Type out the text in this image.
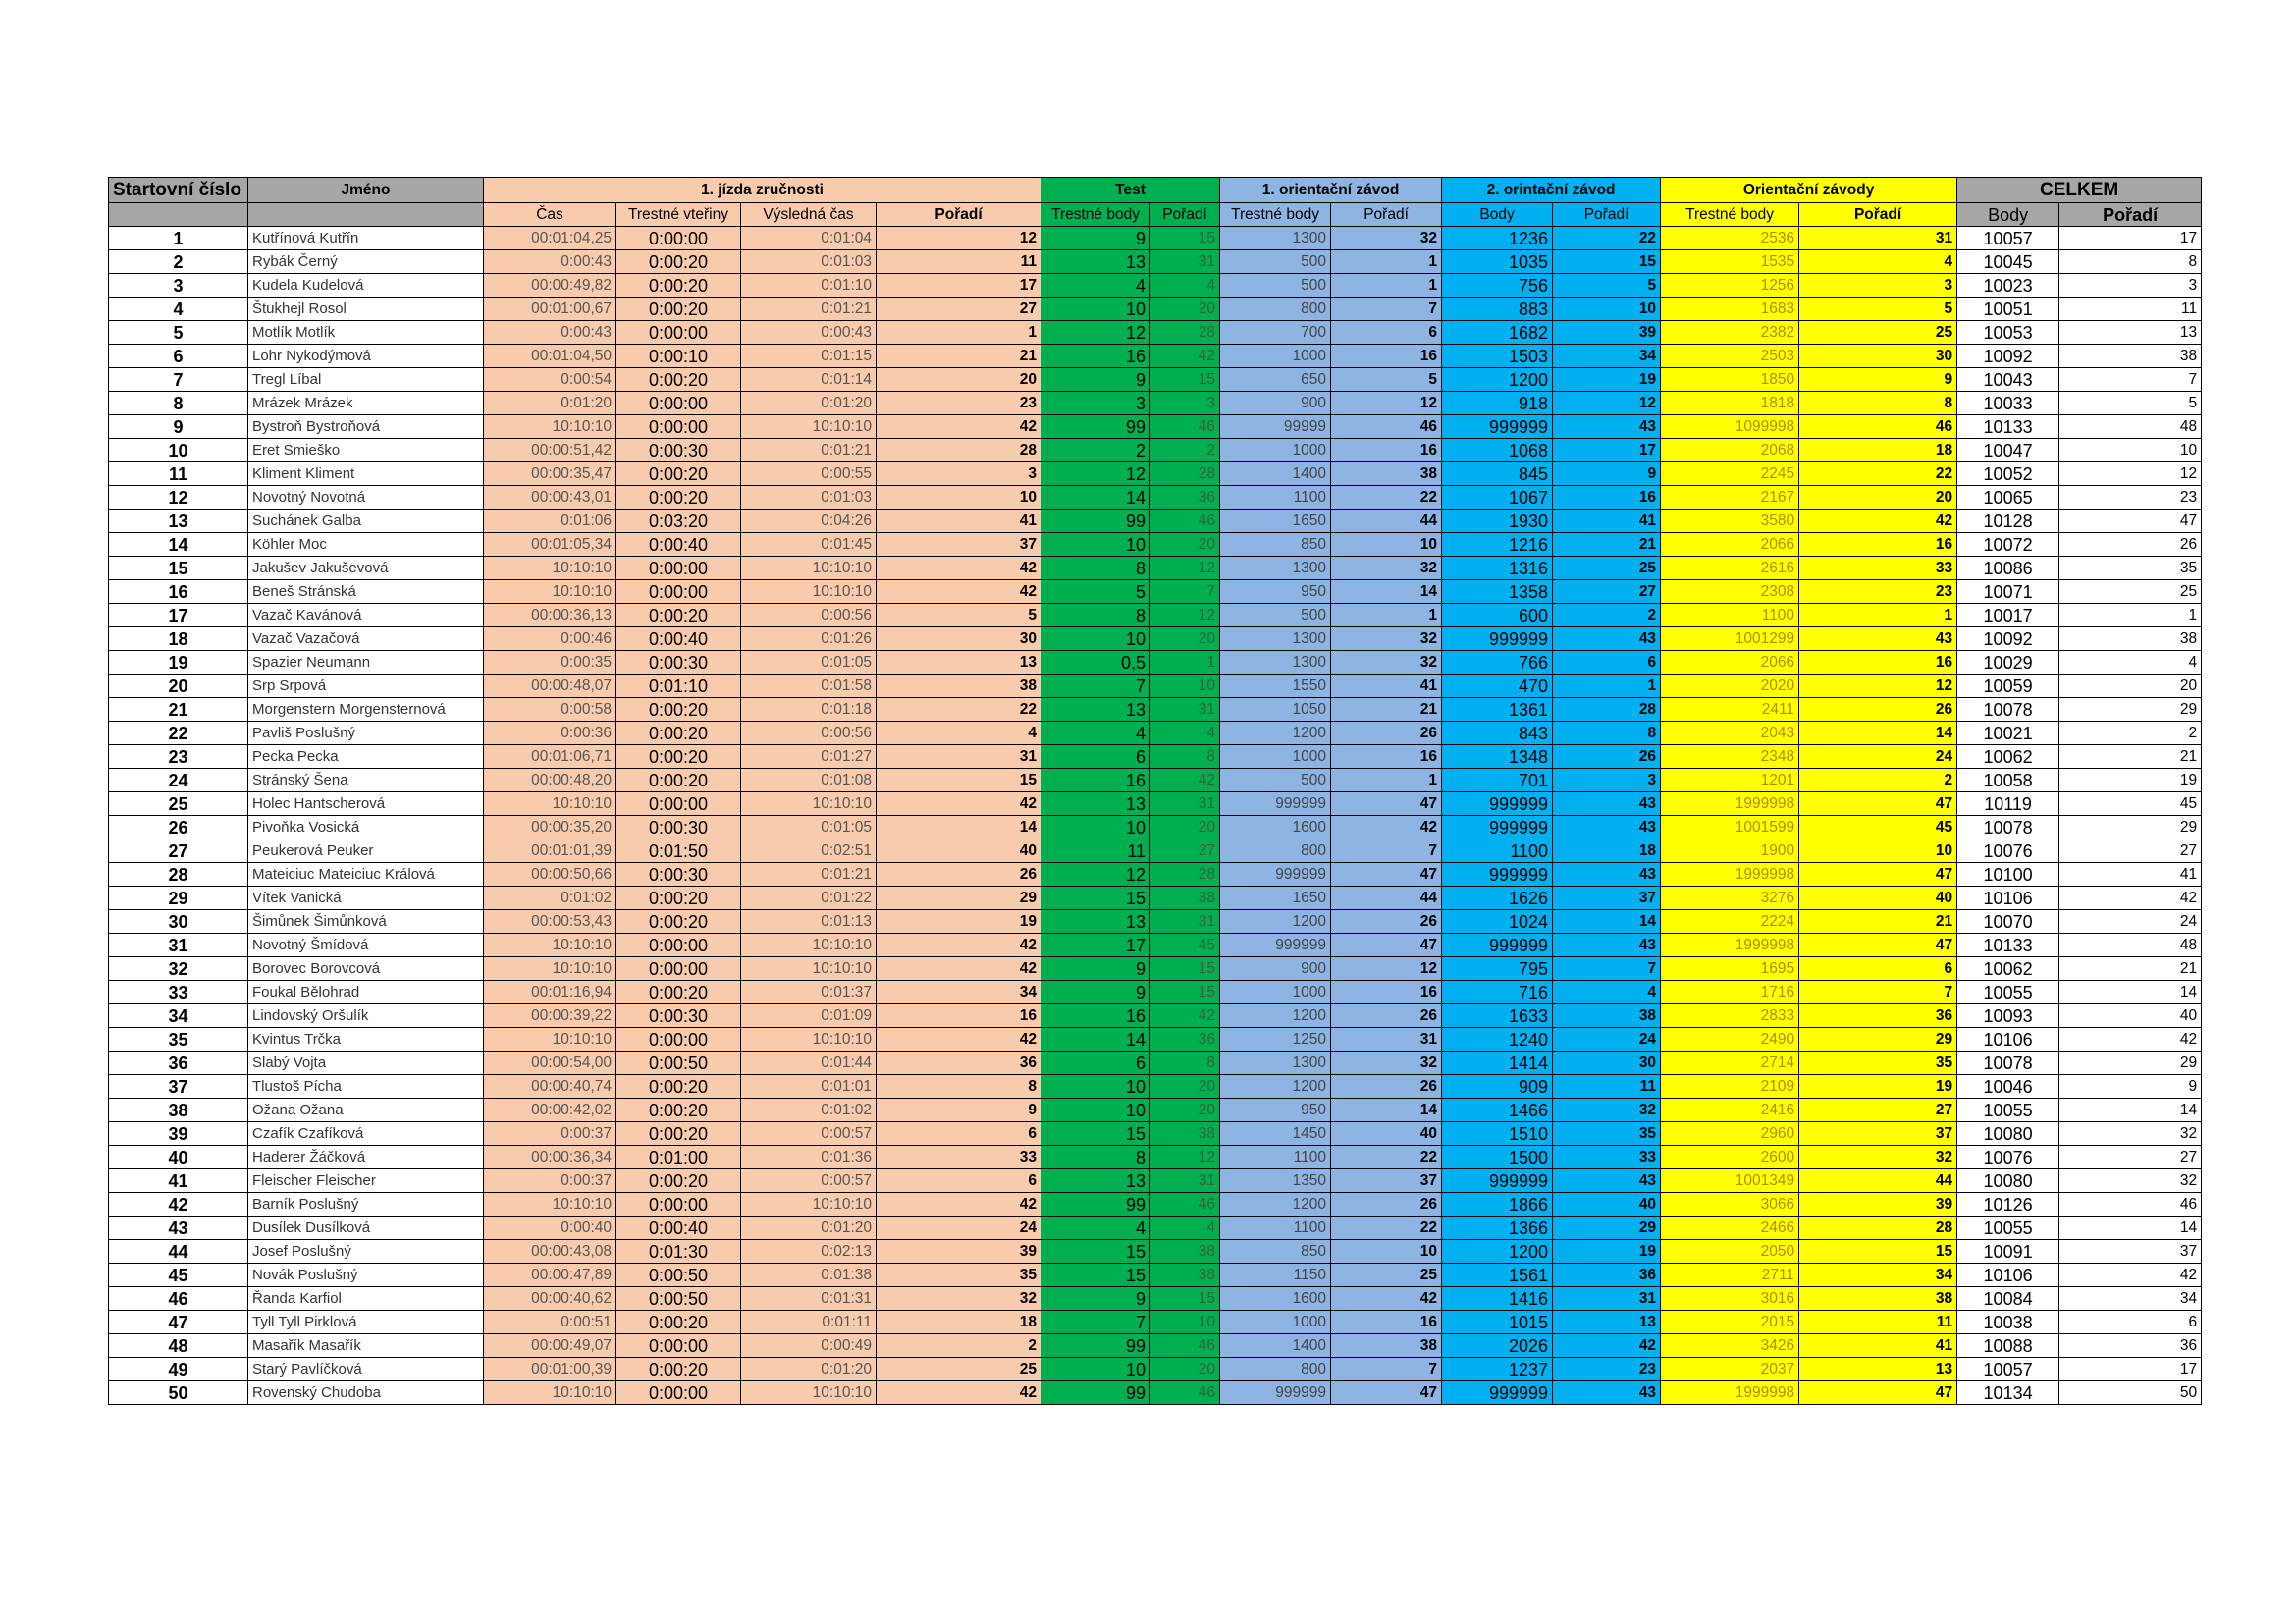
Startovní číslo	Jméno	1. jízda zručnosti				Test		1. orientační závod		2. orintační závod		Orientační závody		CELKEM	
		Čas	Trestné vteřiny	Výsledná čas	Pořadí	Trestné body	Pořadí	Trestné body	Pořadí	Body	Pořadí	Trestné body	Pořadí	Body	Pořadí
1	Kutřínová Kutřín	00:01:04,25	0:00:00	0:01:04	12	9	15	1300	32	1236	22	2536	31	10057	17
2	Rybák Černý	0:00:43	0:00:20	0:01:03	11	13	31	500	1	1035	15	1535	4	10045	8
3	Kudela Kudelová	00:00:49,82	0:00:20	0:01:10	17	4	4	500	1	756	5	1256	3	10023	3
4	Štukhejl Rosol	00:01:00,67	0:00:20	0:01:21	27	10	20	800	7	883	10	1683	5	10051	11
5	Motlík Motlík	0:00:43	0:00:00	0:00:43	1	12	28	700	6	1682	39	2382	25	10053	13
6	Lohr Nykodýmová	00:01:04,50	0:00:10	0:01:15	21	16	42	1000	16	1503	34	2503	30	10092	38
7	Tregl Líbal	0:00:54	0:00:20	0:01:14	20	9	15	650	5	1200	19	1850	9	10043	7
8	Mrázek Mrázek	0:01:20	0:00:00	0:01:20	23	3	3	900	12	918	12	1818	8	10033	5
9	Bystroň Bystroňová	10:10:10	0:00:00	10:10:10	42	99	46	99999	46	999999	43	1099998	46	10133	48
10	Eret Smieško	00:00:51,42	0:00:30	0:01:21	28	2	2	1000	16	1068	17	2068	18	10047	10
11	Kliment Kliment	00:00:35,47	0:00:20	0:00:55	3	12	28	1400	38	845	9	2245	22	10052	12
12	Novotný Novotná	00:00:43,01	0:00:20	0:01:03	10	14	36	1100	22	1067	16	2167	20	10065	23
13	Suchánek Galba	0:01:06	0:03:20	0:04:26	41	99	46	1650	44	1930	41	3580	42	10128	47
14	Köhler Moc	00:01:05,34	0:00:40	0:01:45	37	10	20	850	10	1216	21	2066	16	10072	26
15	Jakušev Jakuševová	10:10:10	0:00:00	10:10:10	42	8	12	1300	32	1316	25	2616	33	10086	35
16	Beneš Stránská	10:10:10	0:00:00	10:10:10	42	5	7	950	14	1358	27	2308	23	10071	25
17	Vazač Kavánová	00:00:36,13	0:00:20	0:00:56	5	8	12	500	1	600	2	1100	1	10017	1
18	Vazač Vazačová	0:00:46	0:00:40	0:01:26	30	10	20	1300	32	999999	43	1001299	43	10092	38
19	Spazier Neumann	0:00:35	0:00:30	0:01:05	13	0,5	1	1300	32	766	6	2066	16	10029	4
20	Srp Srpová	00:00:48,07	0:01:10	0:01:58	38	7	10	1550	41	470	1	2020	12	10059	20
21	Morgenstern Morgensternová	0:00:58	0:00:20	0:01:18	22	13	31	1050	21	1361	28	2411	26	10078	29
22	Pavliš Poslušný	0:00:36	0:00:20	0:00:56	4	4	4	1200	26	843	8	2043	14	10021	2
23	Pecka Pecka	00:01:06,71	0:00:20	0:01:27	31	6	8	1000	16	1348	26	2348	24	10062	21
24	Stránský Šena	00:00:48,20	0:00:20	0:01:08	15	16	42	500	1	701	3	1201	2	10058	19
25	Holec Hantscherová	10:10:10	0:00:00	10:10:10	42	13	31	999999	47	999999	43	1999998	47	10119	45
26	Pivoňka Vosická	00:00:35,20	0:00:30	0:01:05	14	10	20	1600	42	999999	43	1001599	45	10078	29
27	Peukerová Peuker	00:01:01,39	0:01:50	0:02:51	40	11	27	800	7	1100	18	1900	10	10076	27
28	Mateiciuc Mateiciuc Králová	00:00:50,66	0:00:30	0:01:21	26	12	28	999999	47	999999	43	1999998	47	10100	41
29	Vítek Vanická	0:01:02	0:00:20	0:01:22	29	15	38	1650	44	1626	37	3276	40	10106	42
30	Šimůnek Šimůnková	00:00:53,43	0:00:20	0:01:13	19	13	31	1200	26	1024	14	2224	21	10070	24
31	Novotný Šmídová	10:10:10	0:00:00	10:10:10	42	17	45	999999	47	999999	43	1999998	47	10133	48
32	Borovec Borovcová	10:10:10	0:00:00	10:10:10	42	9	15	900	12	795	7	1695	6	10062	21
33	Foukal Bělohrad	00:01:16,94	0:00:20	0:01:37	34	9	15	1000	16	716	4	1716	7	10055	14
34	Lindovský Oršulík	00:00:39,22	0:00:30	0:01:09	16	16	42	1200	26	1633	38	2833	36	10093	40
35	Kvintus Trčka	10:10:10	0:00:00	10:10:10	42	14	36	1250	31	1240	24	2490	29	10106	42
36	Slabý Vojta	00:00:54,00	0:00:50	0:01:44	36	6	8	1300	32	1414	30	2714	35	10078	29
37	Tlustoš Pícha	00:00:40,74	0:00:20	0:01:01	8	10	20	1200	26	909	11	2109	19	10046	9
38	Ožana Ožana	00:00:42,02	0:00:20	0:01:02	9	10	20	950	14	1466	32	2416	27	10055	14
39	Czafík Czafíková	0:00:37	0:00:20	0:00:57	6	15	38	1450	40	1510	35	2960	37	10080	32
40	Haderer Žáčková	00:00:36,34	0:01:00	0:01:36	33	8	12	1100	22	1500	33	2600	32	10076	27
41	Fleischer Fleischer	0:00:37	0:00:20	0:00:57	6	13	31	1350	37	999999	43	1001349	44	10080	32
42	Barník Poslušný	10:10:10	0:00:00	10:10:10	42	99	46	1200	26	1866	40	3066	39	10126	46
43	Dusílek Dusílková	0:00:40	0:00:40	0:01:20	24	4	4	1100	22	1366	29	2466	28	10055	14
44	Josef Poslušný	00:00:43,08	0:01:30	0:02:13	39	15	38	850	10	1200	19	2050	15	10091	37
45	Novák Poslušný	00:00:47,89	0:00:50	0:01:38	35	15	38	1150	25	1561	36	2711	34	10106	42
46	Řanda Karfiol	00:00:40,62	0:00:50	0:01:31	32	9	15	1600	42	1416	31	3016	38	10084	34
47	Tyll Tyll Pirklová	0:00:51	0:00:20	0:01:11	18	7	10	1000	16	1015	13	2015	11	10038	6
48	Masařík Masařík	00:00:49,07	0:00:00	0:00:49	2	99	46	1400	38	2026	42	3426	41	10088	36
49	Starý Pavlíčková	00:01:00,39	0:00:20	0:01:20	25	10	20	800	7	1237	23	2037	13	10057	17
50	Rovenský Chudoba	10:10:10	0:00:00	10:10:10	42	99	46	999999	47	999999	43	1999998	47	10134	50
